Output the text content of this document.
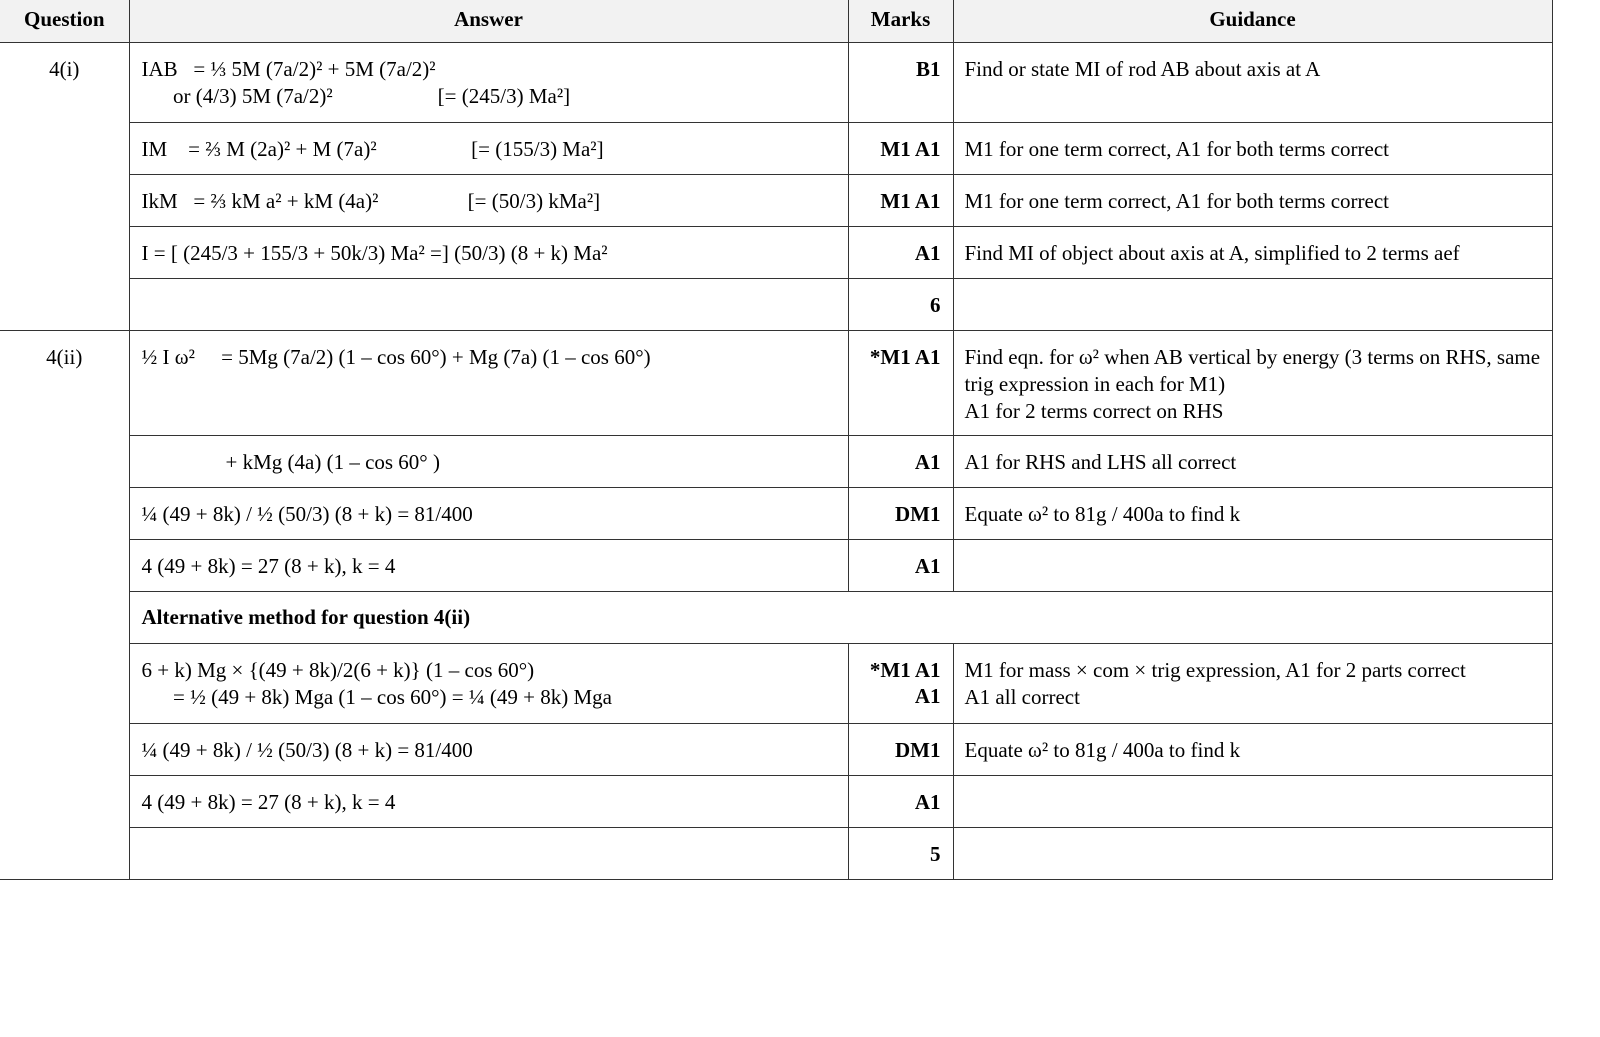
Question	Answer	Marks	Guidance
4(i)	IAB   = ⅓ 5M (7a/2)² + 5M (7a/2)²
or (4/3) 5M (7a/2)²                    [= (245/3) Ma²]	B1	Find or state MI of rod AB about axis at A

	IM    = ⅔ M (2a)² + M (7a)²                  [= (155/3) Ma²]	M1 A1	M1 for one term correct, A1 for both terms correct

	IkM   = ⅔ kM a² + kM (4a)²                 [= (50/3) kMa²]	M1 A1	M1 for one term correct, A1 for both terms correct

	I = [ (245/3 + 155/3 + 50k/3) Ma² =] (50/3) (8 + k) Ma²	A1	Find MI of object about axis at A, simplified to 2 terms aef

		6	

4(ii)	½ I ω²     = 5Mg (7a/2) (1 – cos 60°) + Mg (7a) (1 – cos 60°)	*M1 A1	Find eqn. for ω² when AB vertical by energy (3 terms on RHS, same trig expression in each for M1)
A1 for 2 terms correct on RHS

	+ kMg (4a) (1 – cos 60° )	A1	A1 for RHS and LHS all correct

	¼ (49 + 8k) / ½ (50/3) (8 + k) = 81/400	DM1	Equate ω² to 81g / 400a to find k

	4 (49 + 8k) = 27 (8 + k), k = 4	A1	

	Alternative method for question 4(ii)		

	6 + k) Mg × {(49 + 8k)/2(6 + k)} (1 – cos 60°)
= ½ (49 + 8k) Mga (1 – cos 60°) = ¼ (49 + 8k) Mga	*M1 A1
A1	M1 for mass × com × trig expression, A1 for 2 parts correct
A1 all correct

	¼ (49 + 8k) / ½ (50/3) (8 + k) = 81/400	DM1	Equate ω² to 81g / 400a to find k

	4 (49 + 8k) = 27 (8 + k), k = 4	A1	

		5	
